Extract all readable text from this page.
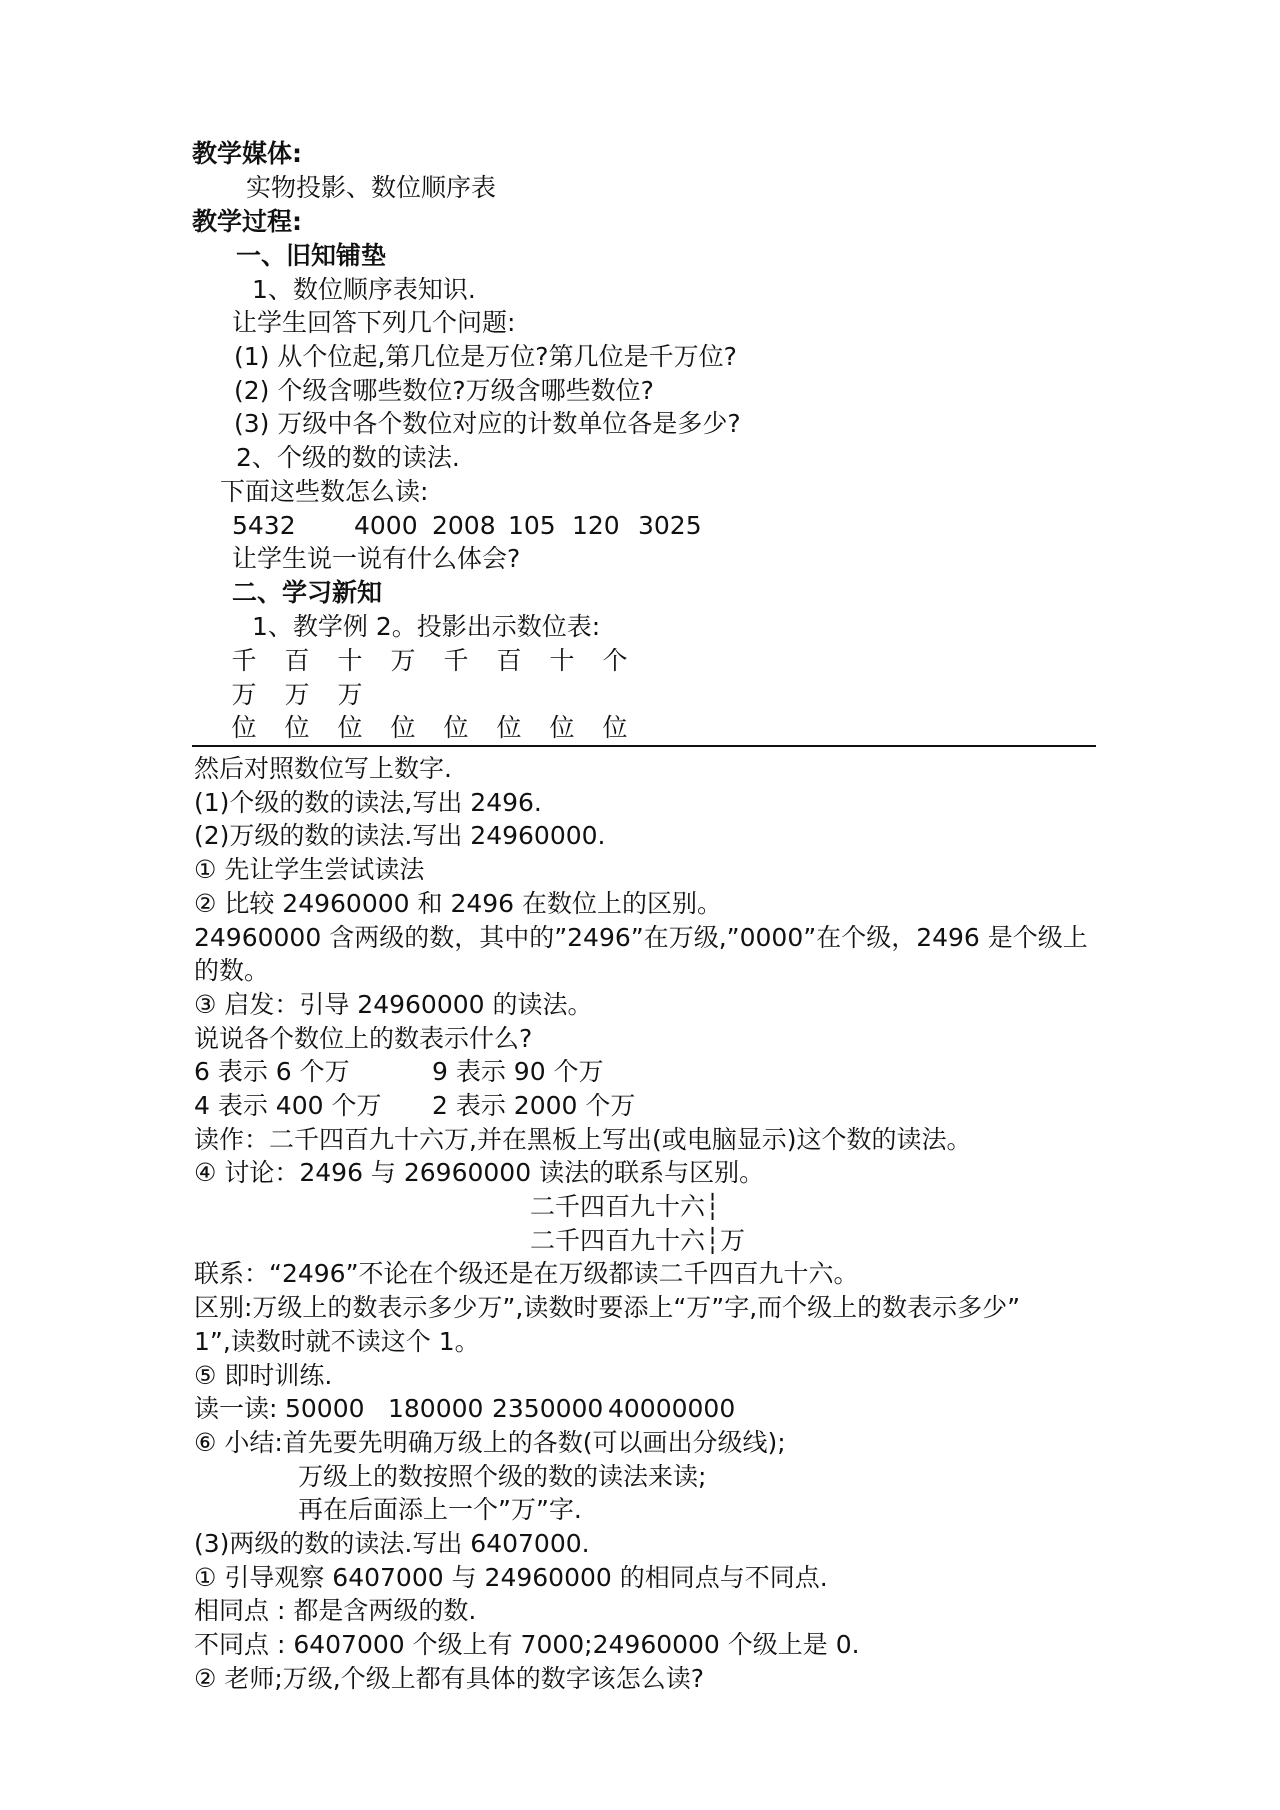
教学媒体:
实物投影、数位顺序表
教学过程:
一、旧知铺垫
1、数位顺序表知识.
让学生回答下列几个问题:
(1) 从个位起,第几位是万位?第几位是千万位?
(2) 个级含哪些数位?万级含哪些数位?
(3) 万级中各个数位对应的计数单位各是多少?
2、个级的数的读法.
下面这些数怎么读:
5432 4000 2008 105 120 3025
让学生说一说有什么体会?
二、学习新知
1、教学例 2。投影出示数位表:
千	百	十	万	千	百	十	个
万	万	万
位	位	位	位	位	位	位	位
然后对照数位写上数字.
(1)个级的数的读法,写出 2496.
(2)万级的数的读法.写出 24960000.
① 先让学生尝试读法
② 比较 24960000 和 2496 在数位上的区别。
24960000 含两级的数，其中的”2496”在万级,”0000”在个级，2496 是个级上
的数。
③ 启发：引导 24960000 的读法。
说说各个数位上的数表示什么?
6 表示 6 个万	9 表示 90 个万
4 表示 400 个万 2 表示 2000 个万
读作：二千四百九十六万,并在黑板上写出(或电脑显示)这个数的读法。
④ 讨论：2496 与 26960000 读法的联系与区别。
二千四百九十六┆
二千四百九十六┆万
联系：“2496”不论在个级还是在万级都读二千四百九十六。
区别:万级上的数表示多少万”,读数时要添上“万”字,而个级上的数表示多少”
1”,读数时就不读这个 1。
⑤ 即时训练.
读一读: 50000 180000 2350000 40000000
⑥ 小结:首先要先明确万级上的各数(可以画出分级线);
万级上的数按照个级的数的读法来读;
再在后面添上一个”万”字.
(3)两级的数的读法.写出 6407000.
① 引导观察 6407000 与 24960000 的相同点与不同点.
相同点 : 都是含两级的数.
不同点 : 6407000 个级上有 7000;24960000 个级上是 0.
② 老师;万级,个级上都有具体的数字该怎么读?
